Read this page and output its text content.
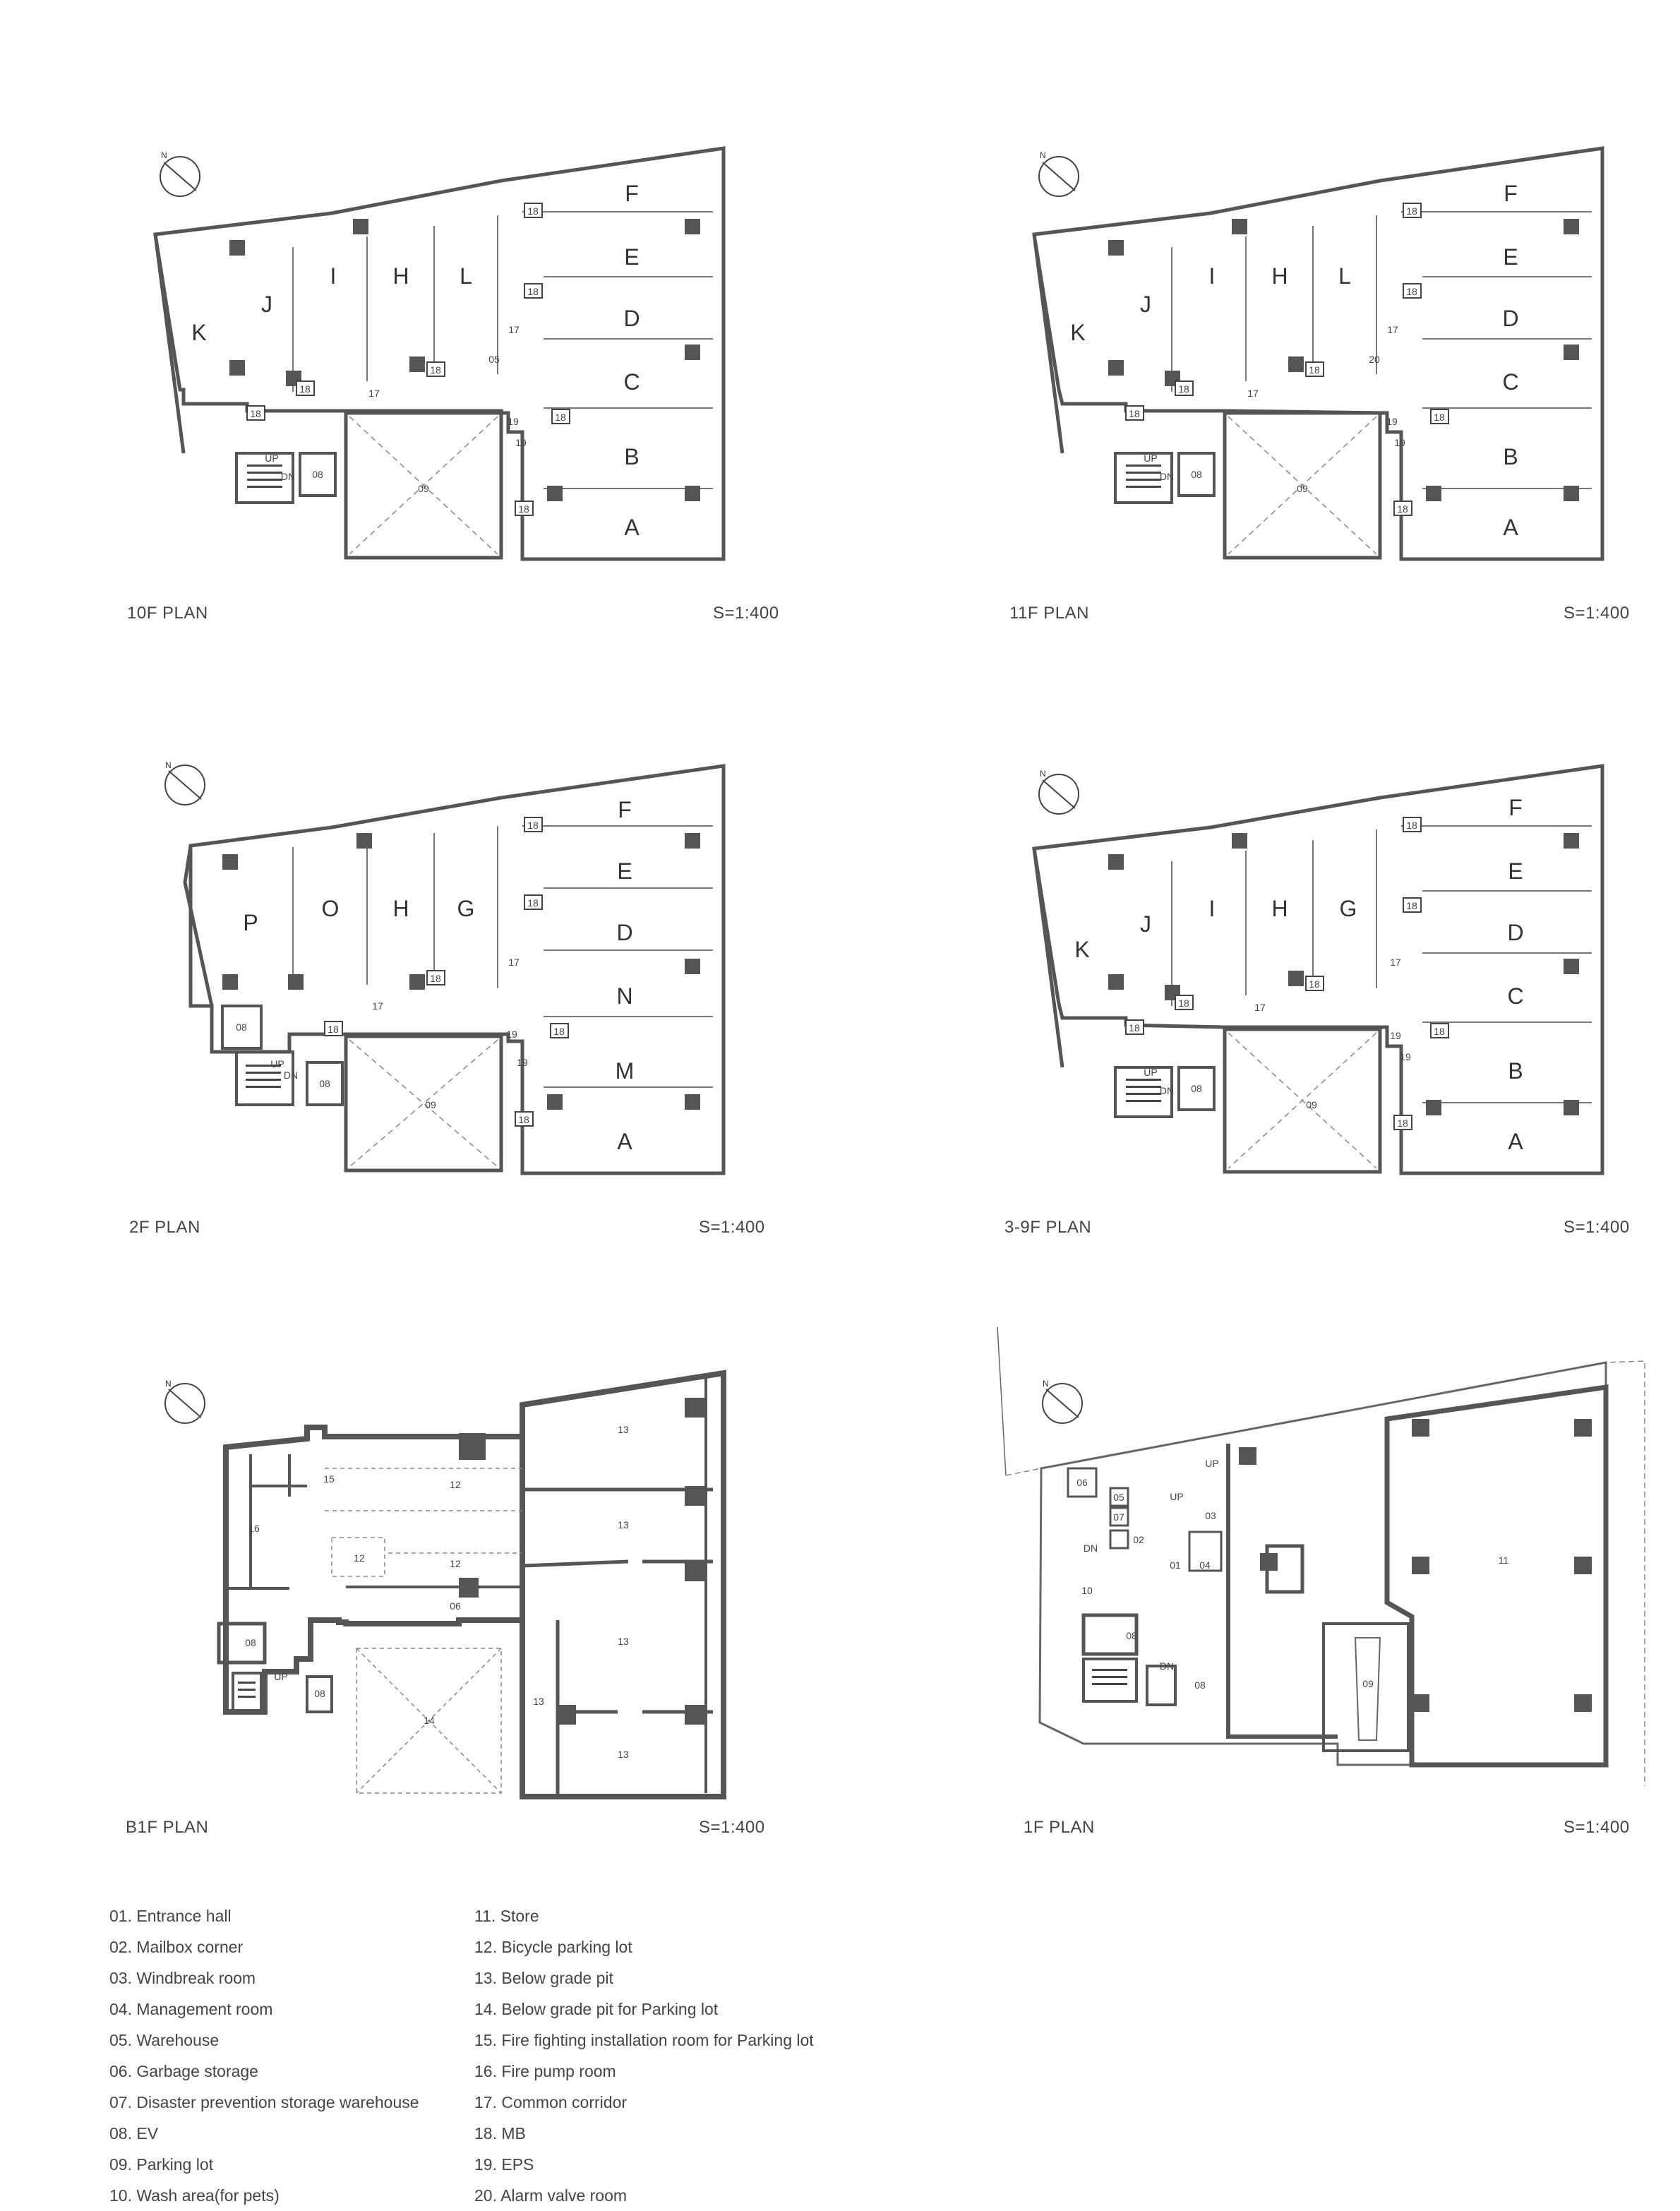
N
F
E
D
C
B
A
I	H L
J
K
18
18
18
18
18
18
18
17
17
05
19
19
08
09
UP
DN
10F PLAN	S=1:400
N
F
E
D
C
B
A
I	H L
J
K
18
18
18
18
18
18
18
17
17
20
19
19
08
09
UP
DN
11F PLAN	S=1:400
N
F
E
D
N
M
A
O H G
P
18
18
18
18
18
18
17
17
19
19
08
08
09
UP
DN
2F PLAN	S=1:400
N
F
E
D
C
B
A
I	H G
J
K
18
18
18
18
18
18
18
17
17
19
19
08
09
UP
DN
3-9F PLAN	S=1:400
N
13
13
13
13
13
15	12
12	12
16
06
08
08
14
UP
B1F PLAN	S=1:400
N
06
05
07
02
03
01 04
10
08
08	09
11
UP
UP
DN
DN
1F PLAN	S=1:400
01. Entrance hall
02. Mailbox corner
03. Windbreak room
04. Management room
05. Warehouse
06. Garbage storage
07. Disaster prevention storage warehouse
08. EV
09. Parking lot
10. Wash area(for pets)
11. Store
12. Bicycle parking lot
13. Below grade pit
14. Below grade pit for Parking lot
15. Fire fighting installation room for Parking lot
16. Fire pump room
17. Common corridor
18. MB
19. EPS
20. Alarm valve room
